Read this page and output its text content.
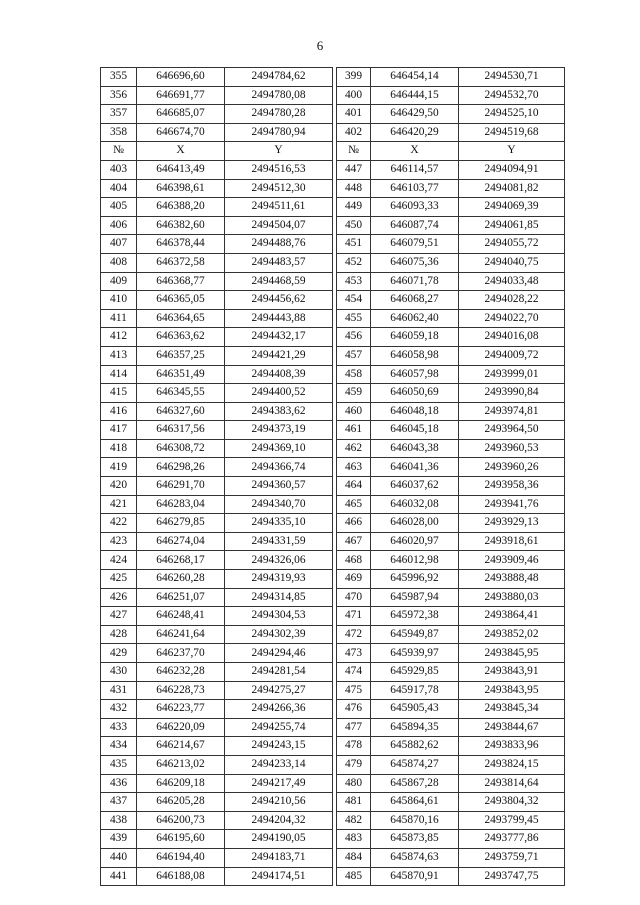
6
355	646696,60	2494784,62
356	646691,77	2494780,08
357	646685,07	2494780,28
358	646674,70	2494780,94
№	X	Y
403	646413,49	2494516,53
404	646398,61	2494512,30
405	646388,20	2494511,61
406	646382,60	2494504,07
407	646378,44	2494488,76
408	646372,58	2494483,57
409	646368,77	2494468,59
410	646365,05	2494456,62
411	646364,65	2494443,88
412	646363,62	2494432,17
413	646357,25	2494421,29
414	646351,49	2494408,39
415	646345,55	2494400,52
416	646327,60	2494383,62
417	646317,56	2494373,19
418	646308,72	2494369,10
419	646298,26	2494366,74
420	646291,70	2494360,57
421	646283,04	2494340,70
422	646279,85	2494335,10
423	646274,04	2494331,59
424	646268,17	2494326,06
425	646260,28	2494319,93
426	646251,07	2494314,85
427	646248,41	2494304,53
428	646241,64	2494302,39
429	646237,70	2494294,46
430	646232,28	2494281,54
431	646228,73	2494275,27
432	646223,77	2494266,36
433	646220,09	2494255,74
434	646214,67	2494243,15
435	646213,02	2494233,14
436	646209,18	2494217,49
437	646205,28	2494210,56
438	646200,73	2494204,32
439	646195,60	2494190,05
440	646194,40	2494183,71
441	646188,08	2494174,51
399	646454,14	2494530,71
400	646444,15	2494532,70
401	646429,50	2494525,10
402	646420,29	2494519,68
№	X	Y
447	646114,57	2494094,91
448	646103,77	2494081,82
449	646093,33	2494069,39
450	646087,74	2494061,85
451	646079,51	2494055,72
452	646075,36	2494040,75
453	646071,78	2494033,48
454	646068,27	2494028,22
455	646062,40	2494022,70
456	646059,18	2494016,08
457	646058,98	2494009,72
458	646057,98	2493999,01
459	646050,69	2493990,84
460	646048,18	2493974,81
461	646045,18	2493964,50
462	646043,38	2493960,53
463	646041,36	2493960,26
464	646037,62	2493958,36
465	646032,08	2493941,76
466	646028,00	2493929,13
467	646020,97	2493918,61
468	646012,98	2493909,46
469	645996,92	2493888,48
470	645987,94	2493880,03
471	645972,38	2493864,41
472	645949,87	2493852,02
473	645939,97	2493845,95
474	645929,85	2493843,91
475	645917,78	2493843,95
476	645905,43	2493845,34
477	645894,35	2493844,67
478	645882,62	2493833,96
479	645874,27	2493824,15
480	645867,28	2493814,64
481	645864,61	2493804,32
482	645870,16	2493799,45
483	645873,85	2493777,86
484	645874,63	2493759,71
485	645870,91	2493747,75
